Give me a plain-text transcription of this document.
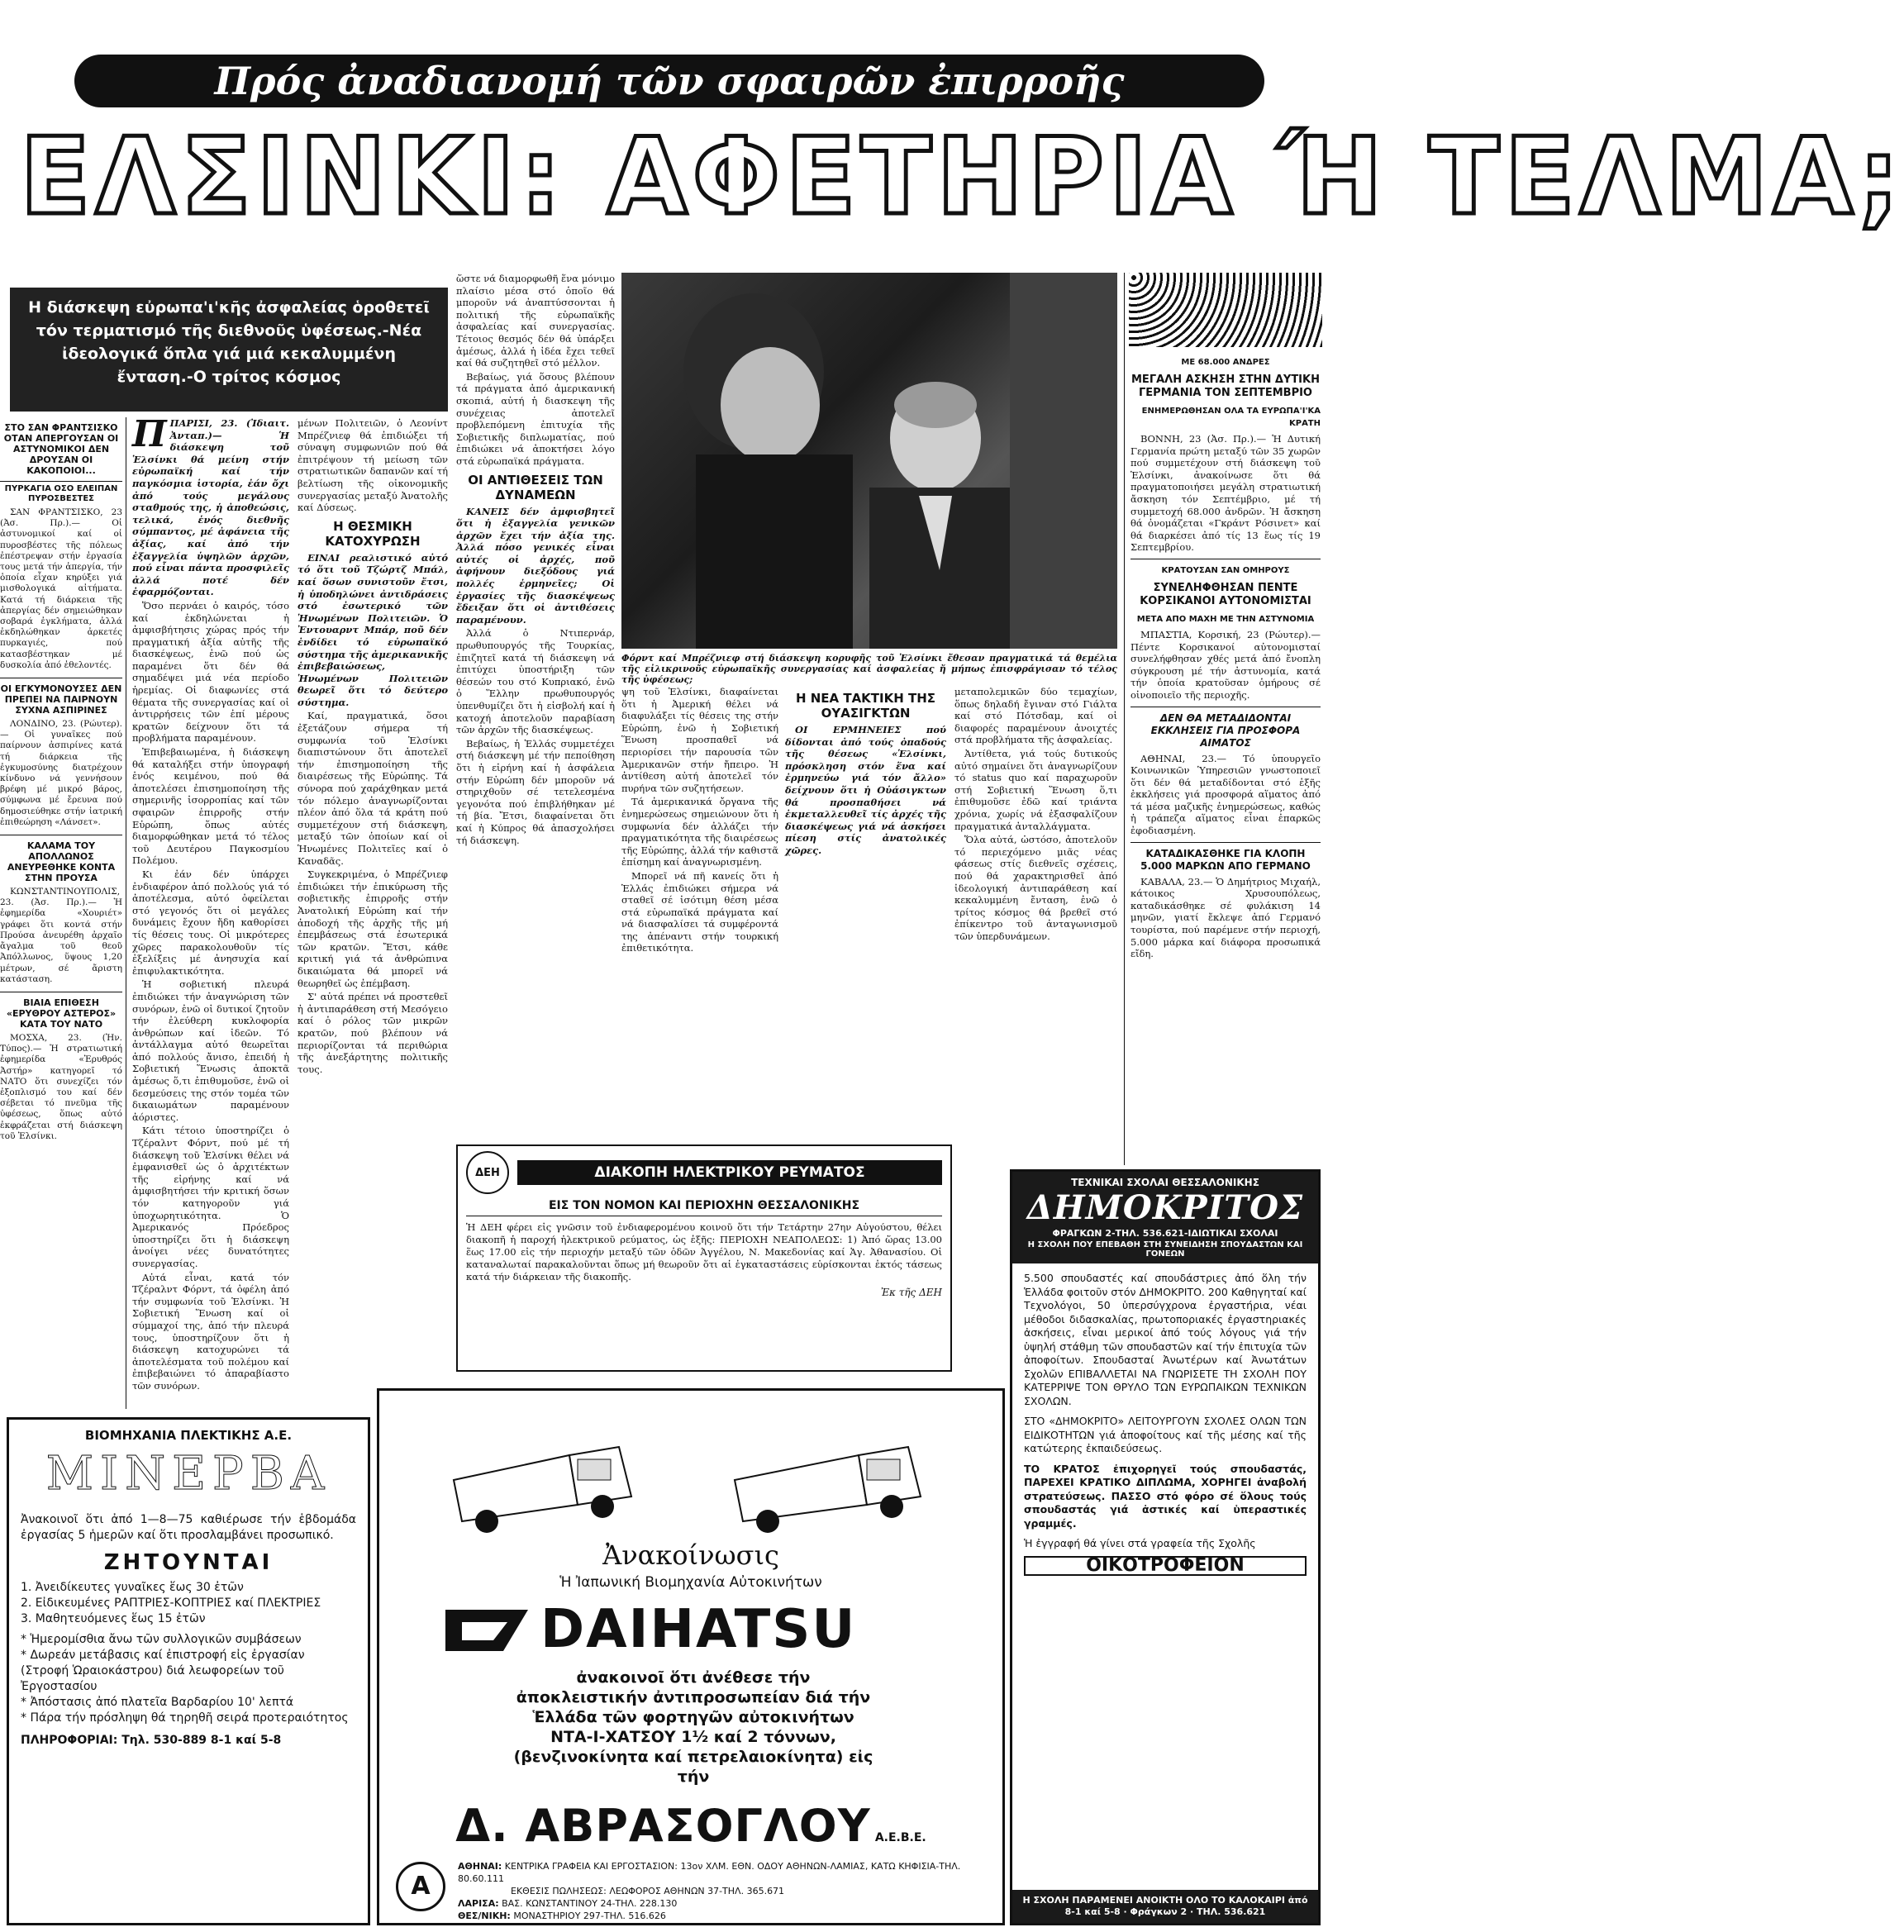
Πρός ἀναδιανομή τῶν σφαιρῶν ἐπιρροῆς
ΕΛΣΙΝΚΙ: ΑΦΕΤΗΡΙΑ Ή ΤΕΛΜΑ;
Η διάσκεψη εὐρωπα'ι'κῆς ἀσφαλείας ὁροθετεῖ τόν τερματισμό τῆς διεθνοῦς ὑφέσεως.-Νέα ἰδεολογικά ὅπλα γιά μιά κεκαλυμμένη ἔνταση.-Ο τρίτος κόσμος
ΣΤΟ ΣΑΝ ΦΡΑΝΤΣΙΣΚΟ ΟΤΑΝ ΑΠΕΡΓΟΥΣΑΝ ΟΙ ΑΣΤΥΝΟΜΙΚΟΙ ΔΕΝ ΔΡΟΥΣΑΝ ΟΙ ΚΑΚΟΠΟΙΟΙ...
ΠΥΡΚΑΓΙΑ ΟΣΟ ΕΛΕΙΠΑΝ ΠΥΡΟΣΒΕΣΤΕΣ

ΣΑΝ ΦΡΑΝΤΣΙΣΚΟ, 23 (Ἀσ. Πρ.).— Οἱ ἀστυνομικοί καί οἱ πυροσβέστες τῆς πόλεως ἐπέστρεψαν στήν ἐργασία τους μετά τήν ἀπεργία, τήν ὁποία εἶχαν κηρύξει γιά μισθολογικά αἰτήματα. Κατά τή διάρκεια τῆς ἀπεργίας δέν σημειώθηκαν σοβαρά ἐγκλήματα, ἀλλά ἐκδηλώθηκαν ἀρκετές πυρκαγιές, πού κατασβέστηκαν μέ δυσκολία ἀπό ἐθελοντές.

ΟΙ ΕΓΚΥΜΟΝΟΥΣΕΣ ΔΕΝ ΠΡΕΠΕΙ ΝΑ ΠΑΙΡΝΟΥΝ ΣΥΧΝΑ ΑΣΠΙΡΙΝΕΣ

ΛΟΝΔΙΝΟ, 23. (Ρώυτερ).— Οἱ γυναῖκες πού παίρνουν ἀσπιρίνες κατά τή διάρκεια τῆς ἐγκυμοσύνης διατρέχουν κίνδυνο νά γεννήσουν βρέφη μέ μικρό βάρος, σύμφωνα μέ ἔρευνα πού δημοσιεύθηκε στήν ἰατρική ἐπιθεώρηση «Λάνσετ».

ΚΑΛΑΜΑ ΤΟΥ ΑΠΟΛΛΩΝΟΣ ΑΝΕΥΡΕΘΗΚΕ ΚΟΝΤΑ ΣΤΗΝ ΠΡΟΥΣΑ

ΚΩΝΣΤΑΝΤΙΝΟΥΠΟΛΙΣ, 23. (Ἀσ. Πρ.).— Ἡ ἐφημερίδα «Χουριέτ» γράφει ὅτι κοντά στήν Προύσα ἀνευρέθη ἀρχαῖο ἄγαλμα τοῦ θεοῦ Ἀπόλλωνος, ὕψους 1,20 μέτρων, σέ ἄριστη κατάσταση.

ΒΙΑΙΑ ΕΠΙΘΕΣΗ «ΕΡΥΘΡΟΥ ΑΣΤΕΡΟΣ» ΚΑΤΑ ΤΟΥ ΝΑΤΟ

ΜΟΣΧΑ, 23. (Ἡν. Τύπος).— Ἡ στρατιωτική ἐφημερίδα «Ἐρυθρός Ἀστήρ» κατηγορεῖ τό ΝΑΤΟ ὅτι συνεχίζει τόν ἐξοπλισμό του καί δέν σέβεται τό πνεῦμα τῆς ὑφέσεως, ὅπως αὐτό ἐκφράζεται στή διάσκεψη τοῦ Ἑλσίνκι.

ΠΠΑΡΙΣΙ, 23. (Ἰδιαιτ. Ἀνταπ.)— Ἡ διάσκεψη τοῦ Ἑλσίνκι θά μείνη στήν εὐρωπαϊκή καί τήν παγκόσμια ἱστορία, ἐάν ὄχι ἀπό τούς μεγάλους σταθμούς της, ἡ ἀποθεώσις, τελικά, ἑνός διεθνῆς σύμπαντος, μέ ἀφάνεια τῆς ἀξίας, καί ἀπό τήν ἐξαγγελία ὑψηλῶν ἀρχῶν, πού εἶναι πάντα προσφιλεῖς ἀλλά ποτέ δέν ἐφαρμόζονται.

Ὅσο περνάει ὁ καιρός, τόσο καί ἐκδηλώνεται ἡ ἀμφισβήτησις χώρας πρός τήν πραγματική ἀξία αὐτῆς τῆς διασκέψεως, ἐνῶ πού ὡς παραμένει ὅτι δέν θά σημαδέψει μιά νέα περίοδο ἠρεμίας. Οἱ διαφωνίες στά θέματα τῆς συνεργασίας καί οἱ ἀντιρρήσεις τῶν ἐπί μέρους κρατῶν δείχνουν ὅτι τά προβλήματα παραμένουν.

Ἐπιβεβαιωμένα, ἡ διάσκεψη θά καταλήξει στήν ὑπογραφή ἑνός κειμένου, πού θά ἀποτελέσει ἐπισημοποίηση τῆς σημερινῆς ἰσορροπίας καί τῶν σφαιρῶν ἐπιρροῆς στήν Εὐρώπη, ὅπως αὐτές διαμορφώθηκαν μετά τό τέλος τοῦ Δευτέρου Παγκοσμίου Πολέμου.

Κι ἐάν δέν ὑπάρχει ἐνδιαφέρον ἀπό πολλούς γιά τό ἀποτέλεσμα, αὐτό ὀφείλεται στό γεγονός ὅτι οἱ μεγάλες δυνάμεις ἔχουν ἤδη καθορίσει τίς θέσεις τους. Οἱ μικρότερες χῶρες παρακολουθοῦν τίς ἐξελίξεις μέ ἀνησυχία καί ἐπιφυλακτικότητα.

Ἡ σοβιετική πλευρά ἐπιδιώκει τήν ἀναγνώριση τῶν συνόρων, ἐνῶ οἱ δυτικοί ζητοῦν τήν ἐλεύθερη κυκλοφορία ἀνθρώπων καί ἰδεῶν. Τό ἀντάλλαγμα αὐτό θεωρεῖται ἀπό πολλούς ἄνισο, ἐπειδή ἡ Σοβιετική Ἕνωσις ἀποκτᾶ ἀμέσως ὅ,τι ἐπιθυμοῦσε, ἐνῶ οἱ δεσμεύσεις της στόν τομέα τῶν δικαιωμάτων παραμένουν ἀόριστες.

Κάτι τέτοιο ὑποστηρίζει ὁ Τζέραλντ Φόρντ, πού μέ τή διάσκεψη τοῦ Ἑλσίνκι θέλει νά ἐμφανισθεῖ ὡς ὁ ἀρχιτέκτων τῆς εἰρήνης καί νά ἀμφισβητήσει τήν κριτική ὅσων τόν κατηγοροῦν γιά ὑποχωρητικότητα. Ὁ Ἀμερικανός Πρόεδρος ὑποστηρίζει ὅτι ἡ διάσκεψη ἀνοίγει νέες δυνατότητες συνεργασίας.

Αὐτά εἶναι, κατά τόν Τζέραλντ Φόρντ, τά ὀφέλη ἀπό τήν συμφωνία τοῦ Ἑλσίνκι. Ἡ Σοβιετική Ἕνωση καί οἱ σύμμαχοί της, ἀπό τήν πλευρά τους, ὑποστηρίζουν ὅτι ἡ διάσκεψη κατοχυρώνει τά ἀποτελέσματα τοῦ πολέμου καί ἐπιβεβαιώνει τό ἀπαραβίαστο τῶν συνόρων.

μένων Πολιτειῶν, ὁ Λεονίντ Μπρέζνιεφ θά ἐπιδιώξει τή σύναψη συμφωνιῶν πού θά ἐπιτρέψουν τή μείωση τῶν στρατιωτικῶν δαπανῶν καί τή βελτίωση τῆς οἰκονομικῆς συνεργασίας μεταξύ Ἀνατολῆς καί Δύσεως.

Η ΘΕΣΜΙΚΗ ΚΑΤΟΧΥΡΩΣΗ

ΕΙΝΑΙ ρεαλιστικό αὐτό τό ὅτι τοῦ Τζώρτζ Μπάλ, καί ὅσων συνιστοῦν ἔτσι, ἡ ὑποδηλώνει ἀντιδράσεις στό ἐσωτερικό τῶν Ἡνωμένων Πολιτειῶν. Ὁ Ἐντουαρντ Μπάρ, ποῦ δέν ἐνδίδει τό εὐρωπαϊκό σύστημα τῆς ἀμερικανικῆς ἐπιβεβαιώσεως, Ἡνωμένων Πολιτειῶν θεωρεῖ ὅτι τό δεύτερο σύστημα.

Καί, πραγματικά, ὅσοι ἐξετάζουν σήμερα τή συμφωνία τοῦ Ἑλσίνκι διαπιστώνουν ὅτι ἀποτελεῖ τήν ἐπισημοποίηση τῆς διαιρέσεως τῆς Εὐρώπης. Τά σύνορα πού χαράχθηκαν μετά τόν πόλεμο ἀναγνωρίζονται πλέον ἀπό ὅλα τά κράτη πού συμμετέχουν στή διάσκεψη, μεταξύ τῶν ὁποίων καί οἱ Ἡνωμένες Πολιτεῖες καί ὁ Καναδᾶς.

Συγκεκριμένα, ὁ Μπρέζνιεφ ἐπιδιώκει τήν ἐπικύρωση τῆς σοβιετικῆς ἐπιρροῆς στήν Ἀνατολική Εὐρώπη καί τήν ἀποδοχή τῆς ἀρχῆς τῆς μή ἐπεμβάσεως στά ἐσωτερικά τῶν κρατῶν. Ἔτσι, κάθε κριτική γιά τά ἀνθρώπινα δικαιώματα θά μπορεῖ νά θεωρηθεῖ ὡς ἐπέμβαση.

Σ' αὐτά πρέπει νά προστεθεῖ ἡ ἀντιπαράθεση στή Μεσόγειο καί ὁ ρόλος τῶν μικρῶν κρατῶν, πού βλέπουν νά περιορίζονται τά περιθώρια τῆς ἀνεξάρτητης πολιτικῆς τους.

ὥστε νά διαμορφωθῆ ἕνα μόνιμο πλαίσιο μέσα στό ὁποῖο θά μποροῦν νά ἀναπτύσσονται ἡ πολιτική τῆς εὐρωπαϊκῆς ἀσφαλείας καί συνεργασίας. Τέτοιος θεσμός δέν θά ὑπάρξει ἀμέσως, ἀλλά ἡ ἰδέα ἔχει τεθεῖ καί θά συζητηθεῖ στό μέλλον.

Βεβαίως, γιά ὅσους βλέπουν τά πράγματα ἀπό ἀμερικανική σκοπιά, αὐτή ἡ διασκεψη τῆς συνέχειας ἀποτελεῖ προβλεπόμενη ἐπιτυχία τῆς Σοβιετικῆς διπλωματίας, πού ἐπιδιώκει νά ἀποκτήσει λόγο στά εὐρωπαϊκά πράγματα.

ΟΙ ΑΝΤΙΘΕΣΕΙΣ ΤΩΝ ΔΥΝΑΜΕΩΝ

ΚΑΝΕΙΣ δέν ἀμφισβητεῖ ὅτι ἡ ἐξαγγελία γενικῶν ἀρχῶν ἔχει τήν ἀξία της. Ἀλλά πόσο γενικές εἶναι αὐτές οἱ ἀρχές, ποῦ ἀφήνουν διεξόδους γιά πολλές ἑρμηνεῖες; Οἱ ἐργασίες τῆς διασκέψεως ἔδειξαν ὅτι οἱ ἀντιθέσεις παραμένουν.

Ἀλλά ὁ Ντιπερνάρ, πρωθυπουργός τῆς Τουρκίας, ἐπιζητεῖ κατά τή διάσκεψη νά ἐπιτύχει ὑποστήριξη τῶν θέσεών του στό Κυπριακό, ἐνῶ ὁ Ἕλλην πρωθυπουργός ὑπενθυμίζει ὅτι ἡ εἰσβολή καί ἡ κατοχή ἀποτελοῦν παραβίαση τῶν ἀρχῶν τῆς διασκέψεως.

Βεβαίως, ἡ Ἑλλάς συμμετέχει στή διάσκεψη μέ τήν πεποίθηση ὅτι ἡ εἰρήνη καί ἡ ἀσφάλεια στήν Εὐρώπη δέν μποροῦν νά στηριχθοῦν σέ τετελεσμένα γεγονότα πού ἐπιβλήθηκαν μέ τή βία. Ἔτσι, διαφαίνεται ὅτι καί ἡ Κύπρος θά ἀπασχολήσει τή διάσκεψη.

Φόρντ καί Μπρέζνιεφ στή διάσκεψη κορυφῆς τοῦ Ἑλσίνκι ἔθεσαν πραγματικά τά θεμέλια τῆς εἰλικρινοῦς εὐρωπαϊκῆς συνεργασίας καί ἀσφαλείας ἤ μήπως ἐπισφράγισαν τό τέλος τῆς ὑφέσεως;

ψη τοῦ Ἑλσίνκι, διαφαίνεται ὅτι ἡ Ἀμερική θέλει νά διαφυλάξει τίς θέσεις της στήν Εὐρώπη, ἐνῶ ἡ Σοβιετική Ἕνωση προσπαθεῖ νά περιορίσει τήν παρουσία τῶν Ἀμερικανῶν στήν ἤπειρο. Ἡ ἀντίθεση αὐτή ἀποτελεῖ τόν πυρήνα τῶν συζητήσεων.

Τά ἀμερικανικά ὄργανα τῆς ἐνημερώσεως σημειώνουν ὅτι ἡ συμφωνία δέν ἀλλάζει τήν πραγματικότητα τῆς διαιρέσεως τῆς Εὐρώπης, ἀλλά τήν καθιστᾶ ἐπίσημη καί ἀναγνωρισμένη.

Μπορεῖ νά πῆ κανείς ὅτι ἡ Ἑλλάς ἐπιδιώκει σήμερα νά σταθεῖ σέ ἰσότιμη θέση μέσα στά εὐρωπαϊκά πράγματα καί νά διασφαλίσει τά συμφέροντά της ἀπέναντι στήν τουρκική ἐπιθετικότητα.

Η ΝΕΑ ΤΑΚΤΙΚΗ ΤΗΣ ΟΥΑΣΙΓΚΤΩΝ

ΟΙ ΕΡΜΗΝΕΙΕΣ πού δίδονται ἀπό τούς ὀπαδούς τῆς θέσεως «Ἑλσίνκι, πρόσκληση στόν ἕνα καί ἐρμηνεύω γιά τόν ἄλλο» δείχνουν ὅτι ἡ Οὐάσιγκτων θά προσπαθήσει νά ἐκμεταλλευθεῖ τίς ἀρχές τῆς διασκέψεως γιά νά ἀσκήσει πίεση στίς ἀνατολικές χῶρες.

μεταπολεμικῶν δύο τεμαχίων, ὅπως δηλαδή ἔγιναν στό Γιάλτα καί στό Πότσδαμ, καί οἱ διαφορές παραμένουν ἀνοιχτές στά προβλήματα τῆς ἀσφαλείας.

Ἀντίθετα, γιά τούς δυτικούς αὐτό σημαίνει ὅτι ἀναγνωρίζουν τό status quo καί παραχωροῦν στή Σοβιετική Ἕνωση ὅ,τι ἐπιθυμοῦσε ἐδῶ καί τριάντα χρόνια, χωρίς νά ἐξασφαλίζουν πραγματικά ἀνταλλάγματα.

Ὅλα αὐτά, ὡστόσο, ἀποτελοῦν τό περιεχόμενο μιᾶς νέας φάσεως στίς διεθνεῖς σχέσεις, πού θά χαρακτηρισθεῖ ἀπό ἰδεολογική ἀντιπαράθεση καί κεκαλυμμένη ἔνταση, ἐνῶ ὁ τρίτος κόσμος θά βρεθεῖ στό ἐπίκεντρο τοῦ ἀνταγωνισμοῦ τῶν ὑπερδυνάμεων.

ΜΕ 68.000 ΑΝΔΡΕΣ
ΜΕΓΑΛΗ ΑΣΚΗΣΗ ΣΤΗΝ ΔΥΤΙΚΗ ΓΕΡΜΑΝΙΑ ΤΟΝ ΣΕΠΤΕΜΒΡΙΟ
ΕΝΗΜΕΡΩΘΗΣΑΝ ΟΛΑ ΤΑ ΕΥΡΩΠΑ'Ι'ΚΑ ΚΡΑΤΗ

ΒΟΝΝΗ, 23 (Ἀσ. Πρ.).— Ἡ Δυτική Γερμανία πρώτη μεταξύ τῶν 35 χωρῶν πού συμμετέχουν στή διάσκεψη τοῦ Ἑλσίνκι, ἀνακοίνωσε ὅτι θά πραγματοποιήσει μεγάλη στρατιωτική ἄσκηση τόν Σεπτέμβριο, μέ τή συμμετοχή 68.000 ἀνδρῶν. Ἡ ἄσκηση θά ὀνομάζεται «Γκράντ Ρόσινετ» καί θά διαρκέσει ἀπό τίς 13 ἕως τίς 19 Σεπτεμβρίου.

ΚΡΑΤΟΥΣΑΝ ΣΑΝ ΟΜΗΡΟΥΣ
ΣΥΝΕΛΗΦΘΗΣΑΝ ΠΕΝΤΕ ΚΟΡΣΙΚΑΝΟΙ ΑΥΤΟΝΟΜΙΣΤΑΙ
ΜΕΤΑ ΑΠΟ ΜΑΧΗ ΜΕ ΤΗΝ ΑΣΤΥΝΟΜΙΑ

ΜΠΑΣΤΙΑ, Κορσική, 23 (Ρώυτερ).— Πέντε Κορσικανοί αὐτονομισταί συνελήφθησαν χθές μετά ἀπό ἔνοπλη σύγκρουση μέ τήν ἀστυνομία, κατά τήν ὁποία κρατοῦσαν ὁμήρους σέ οἰνοποιεῖο τῆς περιοχῆς.

ΔΕΝ ΘΑ ΜΕΤΑΔΙΔΟΝΤΑΙ ΕΚΚΛΗΣΕΙΣ ΓΙΑ ΠΡΟΣΦΟΡΑ ΑΙΜΑΤΟΣ

ΑΘΗΝΑΙ, 23.— Τό ὑπουργεῖο Κοινωνικῶν Ὑπηρεσιῶν γνωστοποιεῖ ὅτι δέν θά μεταδίδονται στό ἑξῆς ἐκκλήσεις γιά προσφορά αἵματος ἀπό τά μέσα μαζικῆς ἐνημερώσεως, καθώς ἡ τράπεζα αἵματος εἶναι ἐπαρκῶς ἐφοδιασμένη.

ΚΑΤΑΔΙΚΑΣΘΗΚΕ ΓΙΑ ΚΛΟΠΗ 5.000 ΜΑΡΚΩΝ ΑΠΟ ΓΕΡΜΑΝΟ

ΚΑΒΑΛΑ, 23.— Ὁ Δημήτριος Μιχαήλ, κάτοικος Χρυσουπόλεως, καταδικάσθηκε σέ φυλάκιση 14 μηνῶν, γιατί ἔκλεψε ἀπό Γερμανό τουρίστα, πού παρέμενε στήν περιοχή, 5.000 μάρκα καί διάφορα προσωπικά εἴδη.

ΔΕΗ	ΔΙΑΚΟΠΗ ΗΛΕΚΤΡΙΚΟΥ ΡΕΥΜΑΤΟΣ
ΕΙΣ ΤΟΝ ΝΟΜΟΝ ΚΑΙ ΠΕΡΙΟΧΗΝ ΘΕΣΣΑΛΟΝΙΚΗΣ
Ἡ ΔΕΗ φέρει εἰς γνῶσιν τοῦ ἐνδιαφερομένου κοινοῦ ὅτι τήν Τετάρτην 27ην Αὐγούστου, θέλει διακοπῆ ἡ παροχή ἠλεκτρικοῦ ρεύματος, ὡς ἑξῆς: ΠΕΡΙΟΧΗ ΝΕΑΠΟΛΕΩΣ: 1) Ἀπό ὥρας 13.00 ἕως 17.00 εἰς τήν περιοχήν μεταξύ τῶν ὁδῶν Ἀγγέλου, Ν. Μακεδονίας καί Ἁγ. Ἀθανασίου. Οἱ καταναλωταί παρακαλοῦνται ὅπως μή θεωροῦν ὅτι αἱ ἐγκαταστάσεις εὑρίσκονται ἐκτός τάσεως κατά τήν διάρκειαν τῆς διακοπῆς.
Ἐκ τῆς ΔΕΗ
ΒΙΟΜΗΧΑΝΙΑ ΠΛΕΚΤΙΚΗΣ Α.Ε.
ΜΙΝΕΡΒΑ
Ἀνακοινοῖ ὅτι ἀπό 1—8—75 καθιέρωσε τήν ἑβδομάδα ἐργασίας 5 ἡμερῶν καί ὅτι προσλαμβάνει προσωπικό.
ΖΗΤΟΥΝΤΑΙ
1. Ἀνειδίκευτες γυναῖκες ἕως 30 ἐτῶν
2. Εἰδικευμένες ΡΑΠΤΡΙΕΣ-ΚΟΠΤΡΙΕΣ καί ΠΛΕΚΤΡΙΕΣ
3. Μαθητευόμενες ἕως 15 ἐτῶν
* Ἡμερομίσθια ἄνω τῶν συλλογικῶν συμβάσεων
* Δωρεάν μετάβασις καί ἐπιστροφή εἰς ἐργασίαν (Στροφή Ὡραιοκάστρου) διά λεωφορείων τοῦ Ἐργοστασίου
* Ἀπόστασις ἀπό πλατεῖα Βαρδαρίου 10' λεπτά
* Πάρα τήν πρόσληψη θά τηρηθῆ σειρά προτεραιότητος
ΠΛΗΡΟΦΟΡΙΑΙ: Τηλ. 530-889 8-1 καί 5-8
Ἀνακοίνωσις
Ἡ Ἰαπωνική Βιομηχανία Αὐτοκινήτων
DAIHATSU
ἀνακοινοῖ ὅτι ἀνέθεσε τήν ἀποκλειστικήν ἀντιπροσωπείαν διά τήν Ἑλλάδα τῶν φορτηγῶν αὐτοκινήτων ΝΤΑ-Ι-ΧΑΤΣΟΥ 1½ καί 2 τόννων, (βενζινοκίνητα καί πετρελαιοκίνητα) εἰς τήν
Δ. ΑΒΡΑΣΟΓΛΟΥ Α.Ε.Β.Ε.
Α
ΑΘΗΝΑΙ: ΚΕΝΤΡΙΚΑ ΓΡΑΦΕΙΑ ΚΑΙ ΕΡΓΟΣΤΑΣΙΟΝ: 13ον ΧΛΜ. ΕΘΝ. ΟΔΟΥ ΑΘΗΝΩΝ-ΛΑΜΙΑΣ, ΚΑΤΩ ΚΗΦΙΣΙΑ-ΤΗΛ. 80.60.111
ΕΚΘΕΣΙΣ ΠΩΛΗΣΕΩΣ: ΛΕΩΦΟΡΟΣ ΑΘΗΝΩΝ 37-ΤΗΛ. 365.671
ΛΑΡΙΣΑ: ΒΑΣ. ΚΩΝΣΤΑΝΤΙΝΟΥ 24-ΤΗΛ. 228.130
ΘΕΣ/ΝΙΚΗ: ΜΟΝΑΣΤΗΡΙΟΥ 297-ΤΗΛ. 516.626
ΤΕΧΝΙΚΑΙ ΣΧΟΛΑΙ ΘΕΣΣΑΛΟΝΙΚΗΣ
ΔΗΜΟΚΡΙΤΟΣ
ΦΡΑΓΚΩΝ 2-ΤΗΛ. 536.621-ΙΔΙΩΤΙΚΑΙ ΣΧΟΛΑΙ
Η ΣΧΟΛΗ ΠΟΥ ΕΠΕΒΑΘΗ ΣΤΗ ΣΥΝΕΙΔΗΣΗ ΣΠΟΥΔΑΣΤΩΝ ΚΑΙ ΓΟΝΕΩΝ

5.500 σπουδαστές καί σπουδάστριες ἀπό ὅλη τήν Ἑλλάδα φοιτοῦν στόν ΔΗΜΟΚΡΙΤΟ. 200 Καθηγηταί καί Τεχνολόγοι, 50 ὑπερσύγχρονα ἐργαστήρια, νέαι μέθοδοι διδασκαλίας, πρωτοποριακές ἐργαστηριακές ἀσκήσεις, εἶναι μερικοί ἀπό τούς λόγους γιά τήν ὑψηλή στάθμη τῶν σπουδαστῶν καί τήν ἐπιτυχία τῶν ἀποφοίτων. Σπουδασταί Ἀνωτέρων καί Ἀνωτάτων Σχολῶν ΕΠΙΒΑΛΛΕΤΑΙ ΝΑ ΓΝΩΡΙΣΕΤΕ ΤΗ ΣΧΟΛΗ ΠΟΥ ΚΑΤΕΡΡΙΨΕ ΤΟΝ ΘΡΥΛΟ ΤΩΝ ΕΥΡΩΠΑΙΚΩΝ ΤΕΧΝΙΚΩΝ ΣΧΟΛΩΝ.

ΣΤΟ «ΔΗΜΟΚΡΙΤΟ» ΛΕΙΤΟΥΡΓΟΥΝ ΣΧΟΛΕΣ ΟΛΩΝ ΤΩΝ ΕΙΔΙΚΟΤΗΤΩΝ γιά ἀποφοίτους καί τῆς μέσης καί τῆς κατώτερης ἐκπαιδεύσεως.

ΤΟ ΚΡΑΤΟΣ ἐπιχορηγεῖ τούς σπουδαστάς, ΠΑΡΕΧΕΙ ΚΡΑΤΙΚΟ ΔΙΠΛΩΜΑ, ΧΟΡΗΓΕΙ ἀναβολή στρατεύσεως. ΠΑΣΣΟ στό φόρο σέ ὅλους τούς σπουδαστάς γιά ἀστικές καί ὑπεραστικές γραμμές.

Ἡ ἐγγραφή θά γίνει στά γραφεία τῆς Σχολῆς

ΟΙΚΟΤΡΟΦΕΙΟΝ
Η ΣΧΟΛΗ ΠΑΡΑΜΕΝΕΙ ΑΝΟΙΚΤΗ ΟΛΟ ΤΟ ΚΑΛΟΚΑΙΡΙ ἀπό 8-1 καί 5-8 · Φράγκων 2 · ΤΗΛ. 536.621
